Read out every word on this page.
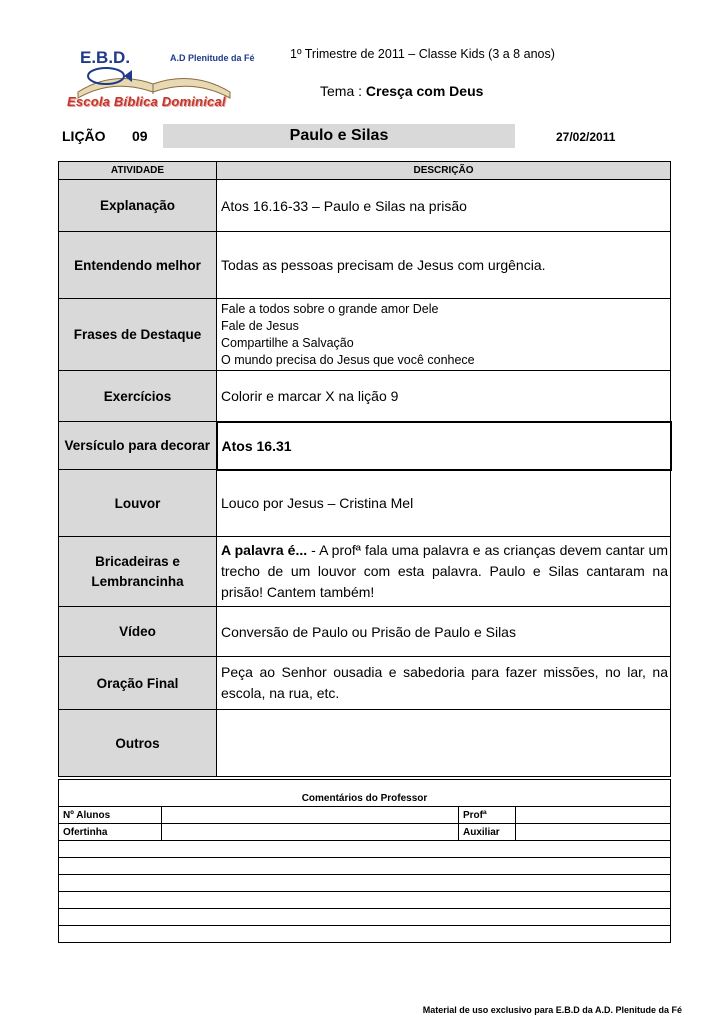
E.B.D.	A.D Plenitude da Fé
Escola Bíblica Dominical
1º Trimestre de 2011 – Classe Kids (3 a 8 anos)
Tema : Cresça com Deus
LIÇÃO 09	Paulo e Silas	27/02/2011
ATIVIDADE	DESCRIÇÃO
Explanação	Atos 16.16-33 – Paulo e Silas na prisão
Entendendo melhor	Todas as pessoas precisam de Jesus com urgência.
Frases de Destaque	Fale a todos sobre o grande amor Dele
Fale de Jesus
Compartilhe a Salvação
O mundo precisa do Jesus que você conhece

Exercícios	Colorir e marcar X na lição 9
Versículo para decorar	Atos 16.31
Louvor	Louco por Jesus – Cristina Mel

Bricadeiras e
Lembrancinha	A palavra é... - A profª fala uma palavra e as crianças devem cantar um trecho de um louvor com esta palavra. Paulo e Silas cantaram na prisão! Cantem também!
Vídeo	Conversão de Paulo ou Prisão de Paulo e Silas
Oração Final	Peça ao Senhor ousadia e sabedoria para fazer missões, no lar, na escola, na rua, etc.
Outros	

Comentários do Professor			
Nº Alunos		Profª	
Ofertinha		Auxiliar	

Material de uso exclusivo para E.B.D da A.D. Plenitude da Fé
